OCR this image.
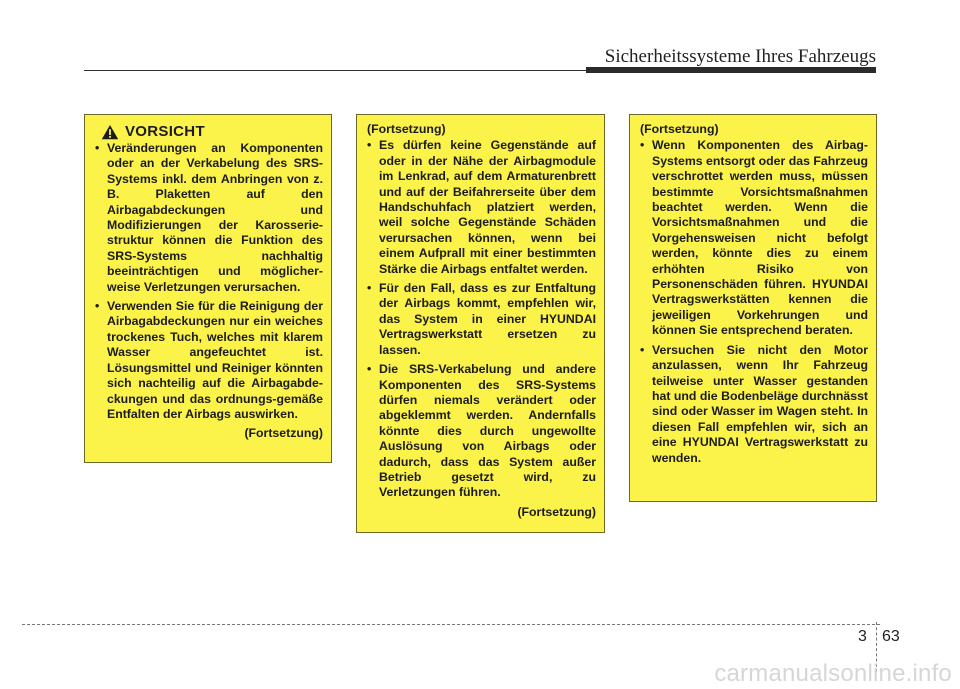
Sicherheitssysteme Ihres Fahrzeugs
VORSICHT
• Veränderungen an Komponenten oder an der Verkabelung des SRS-Systems inkl. dem Anbringen von z. B. Plaketten auf den Airbagabdeckungen und Modifizierungen der Karosserie-struktur können die Funktion des SRS-Systems nachhaltig beeinträchtigen und möglicher-weise Verletzungen verursachen.
• Verwenden Sie für die Reinigung der Airbagabdeckungen nur ein weiches trockenes Tuch, welches mit klarem Wasser angefeuchtet ist. Lösungsmittel und Reiniger könnten sich nachteilig auf die Airbagabde-ckungen und das ordnungs-gemäße Entfalten der Airbags auswirken.
(Fortsetzung)
(Fortsetzung)
• Es dürfen keine Gegenstände auf oder in der Nähe der Airbagmodule im Lenkrad, auf dem Armaturenbrett und auf der Beifahrerseite über dem Handschuhfach platziert werden, weil solche Gegenstände Schäden verursachen können, wenn bei einem Aufprall mit einer bestimmten Stärke die Airbags entfaltet werden.
• Für den Fall, dass es zur Entfaltung der Airbags kommt, empfehlen wir, das System in einer HYUNDAI Vertragswerkstatt ersetzen zu lassen.
• Die SRS-Verkabelung und andere Komponenten des SRS-Systems dürfen niemals verändert oder abgeklemmt werden. Andernfalls könnte dies durch ungewollte Auslösung von Airbags oder dadurch, dass das System außer Betrieb gesetzt wird, zu Verletzungen führen.
(Fortsetzung)
(Fortsetzung)
• Wenn Komponenten des Airbag-Systems entsorgt oder das Fahrzeug verschrottet werden muss, müssen bestimmte Vorsichtsmaßnahmen beachtet werden. Wenn die Vorsichtsmaßnahmen und die Vorgehensweisen nicht befolgt werden, könnte dies zu einem erhöhten Risiko von Personenschäden führen. HYUNDAI Vertragswerkstätten kennen die jeweiligen Vorkehrungen und können Sie entsprechend beraten.
• Versuchen Sie nicht den Motor anzulassen, wenn Ihr Fahrzeug teilweise unter Wasser gestanden hat und die Bodenbeläge durchnässt sind oder Wasser im Wagen steht. In diesen Fall empfehlen wir, sich an eine HYUNDAI Vertragswerkstatt zu wenden.
3 63
carmanualsonline.info
